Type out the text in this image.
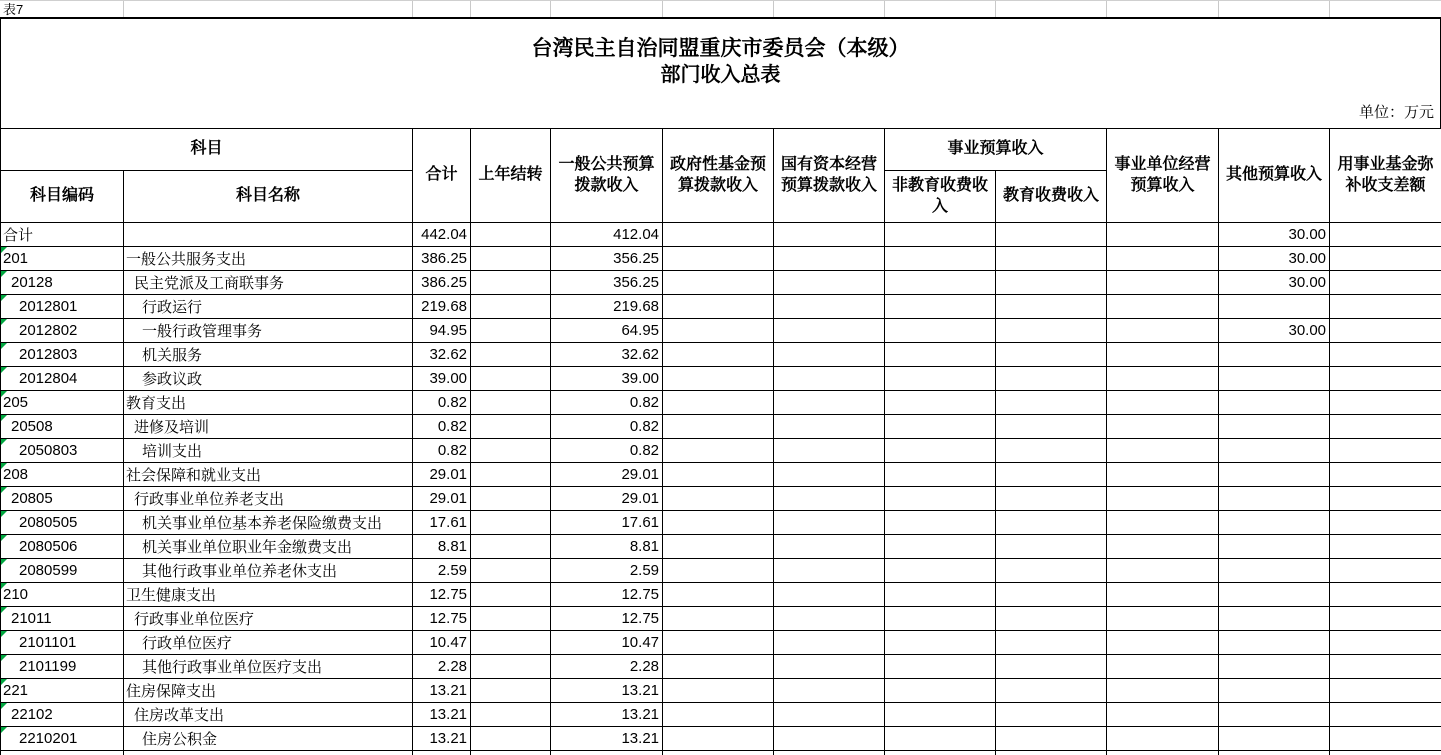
表7
台湾民主自治同盟重庆市委员会（本级）
部门收入总表
单位：万元
科目		合计	上年结转	一般公共预算拨款收入	政府性基金预算拨款收入	国有资本经营预算拨款收入	事业预算收入		事业单位经营预算收入	其他预算收入	用事业基金弥补收支差额
科目编码	科目名称						非教育收费收入	教育收费收入			
合计		442.04		412.04						30.00	

201	一般公共服务支出	386.25		356.25						30.00	

20128	民主党派及工商联事务	386.25		356.25						30.00	

2012801	行政运行	219.68		219.68							

2012802	一般行政管理事务	94.95		64.95						30.00	

2012803	机关服务	32.62		32.62							

2012804	参政议政	39.00		39.00							

205	教育支出	0.82		0.82							

20508	进修及培训	0.82		0.82							

2050803	培训支出	0.82		0.82							

208	社会保障和就业支出	29.01		29.01							

20805	行政事业单位养老支出	29.01		29.01							

2080505	机关事业单位基本养老保险缴费支出	17.61		17.61							

2080506	机关事业单位职业年金缴费支出	8.81		8.81							

2080599	其他行政事业单位养老休支出	2.59		2.59							

210	卫生健康支出	12.75		12.75							

21011	行政事业单位医疗	12.75		12.75							

2101101	行政单位医疗	10.47		10.47							

2101199	其他行政事业单位医疗支出	2.28		2.28							

221	住房保障支出	13.21		13.21							

22102	住房改革支出	13.21		13.21							

2210201	住房公积金	13.21		13.21							
